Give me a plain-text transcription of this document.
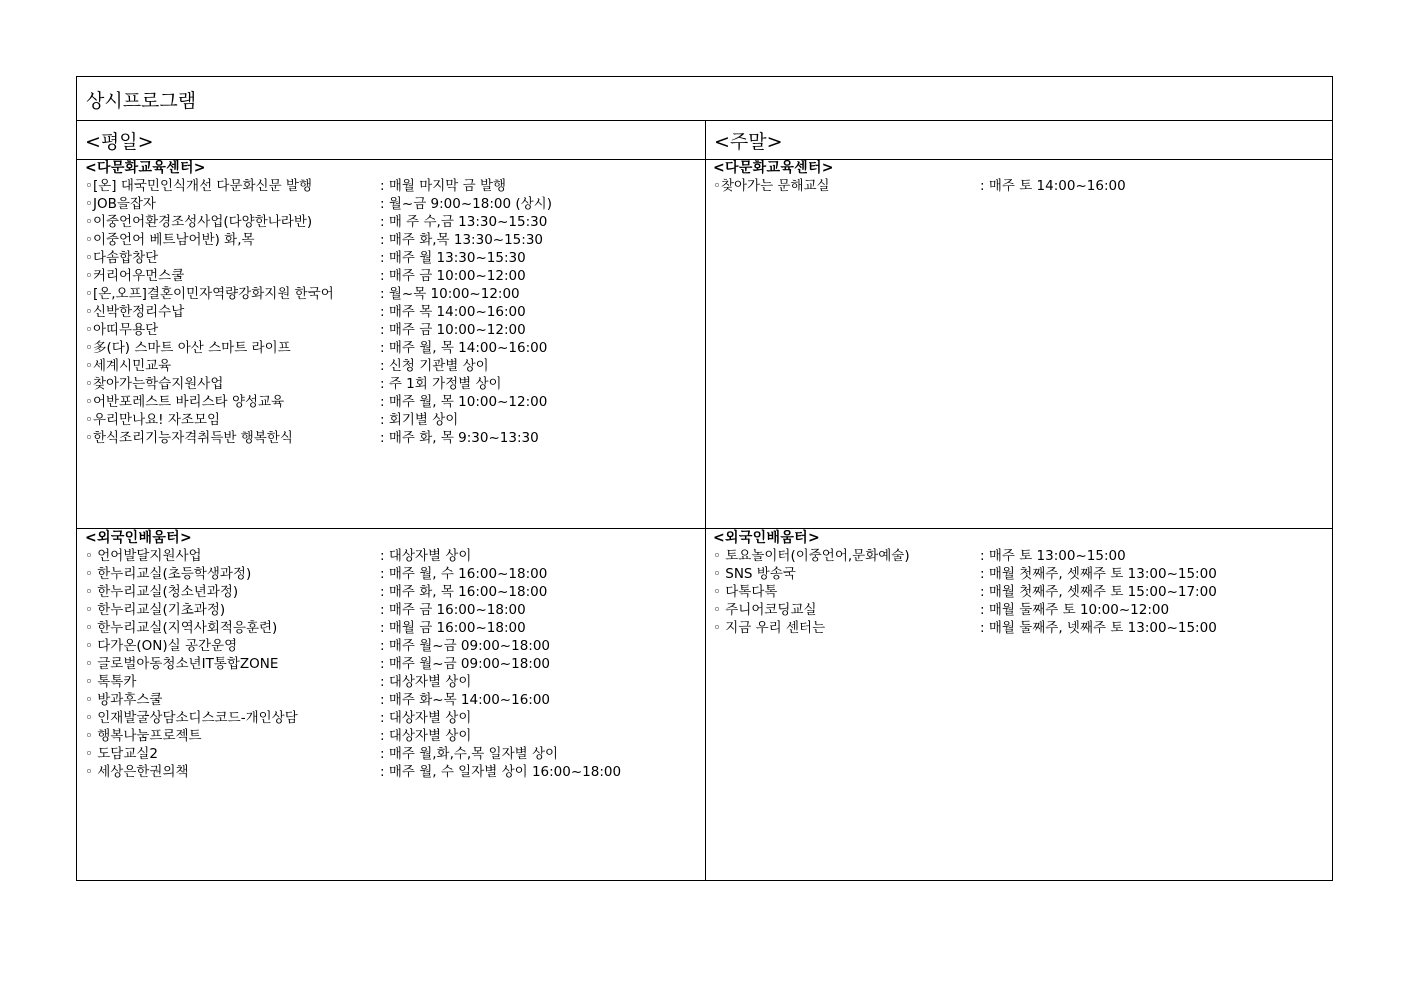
상시프로그램
<평일>	<주말>
<다문화교육센터>
◦[온] 대국민인식개선 다문화신문 발행	: 매월 마지막 금 발행
◦JOB을잡자	: 월~금 9:00~18:00 (상시)
◦이중언어환경조성사업(다양한나라반)	: 매 주 수,금 13:30~15:30
◦이중언어 베트남어반) 화,목	: 매주 화,목 13:30~15:30
◦다솜합창단	: 매주 월 13:30~15:30
◦커리어우먼스쿨	: 매주 금 10:00~12:00
◦[온,오프]결혼이민자역량강화지원 한국어	: 월~목 10:00~12:00
◦신박한정리수납	: 매주 목 14:00~16:00
◦아띠무용단	: 매주 금 10:00~12:00
◦多(다) 스마트 아산 스마트 라이프	: 매주 월, 목 14:00~16:00
◦세계시민교육	: 신청 기관별 상이
◦찾아가는학습지원사업	: 주 1회 가정별 상이
◦어반포레스트 바리스타 양성교육	: 매주 월, 목 10:00~12:00
◦우리만나요! 자조모임	: 회기별 상이
◦한식조리기능자격취득반 행복한식	: 매주 화, 목 9:30~13:30
<다문화교육센터>
◦찾아가는 문해교실	: 매주 토 14:00~16:00
<외국인배움터>
◦ 언어발달지원사업	: 대상자별 상이
◦ 한누리교실(초등학생과정)	: 매주 월, 수 16:00~18:00
◦ 한누리교실(청소년과정)	: 매주 화, 목 16:00~18:00
◦ 한누리교실(기초과정)	: 매주 금 16:00~18:00
◦ 한누리교실(지역사회적응훈련)	: 매월 금 16:00~18:00
◦ 다가온(ON)실 공간운영	: 매주 월~금 09:00~18:00
◦ 글로벌아동청소년IT통합ZONE	: 매주 월~금 09:00~18:00
◦ 톡톡카	: 대상자별 상이
◦ 방과후스쿨	: 매주 화~목 14:00~16:00
◦ 인재발굴상담소디스코드-개인상담	: 대상자별 상이
◦ 행복나눔프로젝트	: 대상자별 상이
◦ 도담교실2	: 매주 월,화,수,목 일자별 상이
◦ 세상은한권의책	: 매주 월, 수 일자별 상이 16:00~18:00
<외국인배움터>
◦ 토요놀이터(이중언어,문화예술)	: 매주 토 13:00~15:00
◦ SNS 방송국	: 매월 첫째주, 셋째주 토 13:00~15:00
◦ 다톡다톡	: 매월 첫째주, 셋째주 토 15:00~17:00
◦ 주니어코딩교실	: 매월 둘째주 토 10:00~12:00
◦ 지금 우리 센터는	: 매월 둘째주, 넷째주 토 13:00~15:00
